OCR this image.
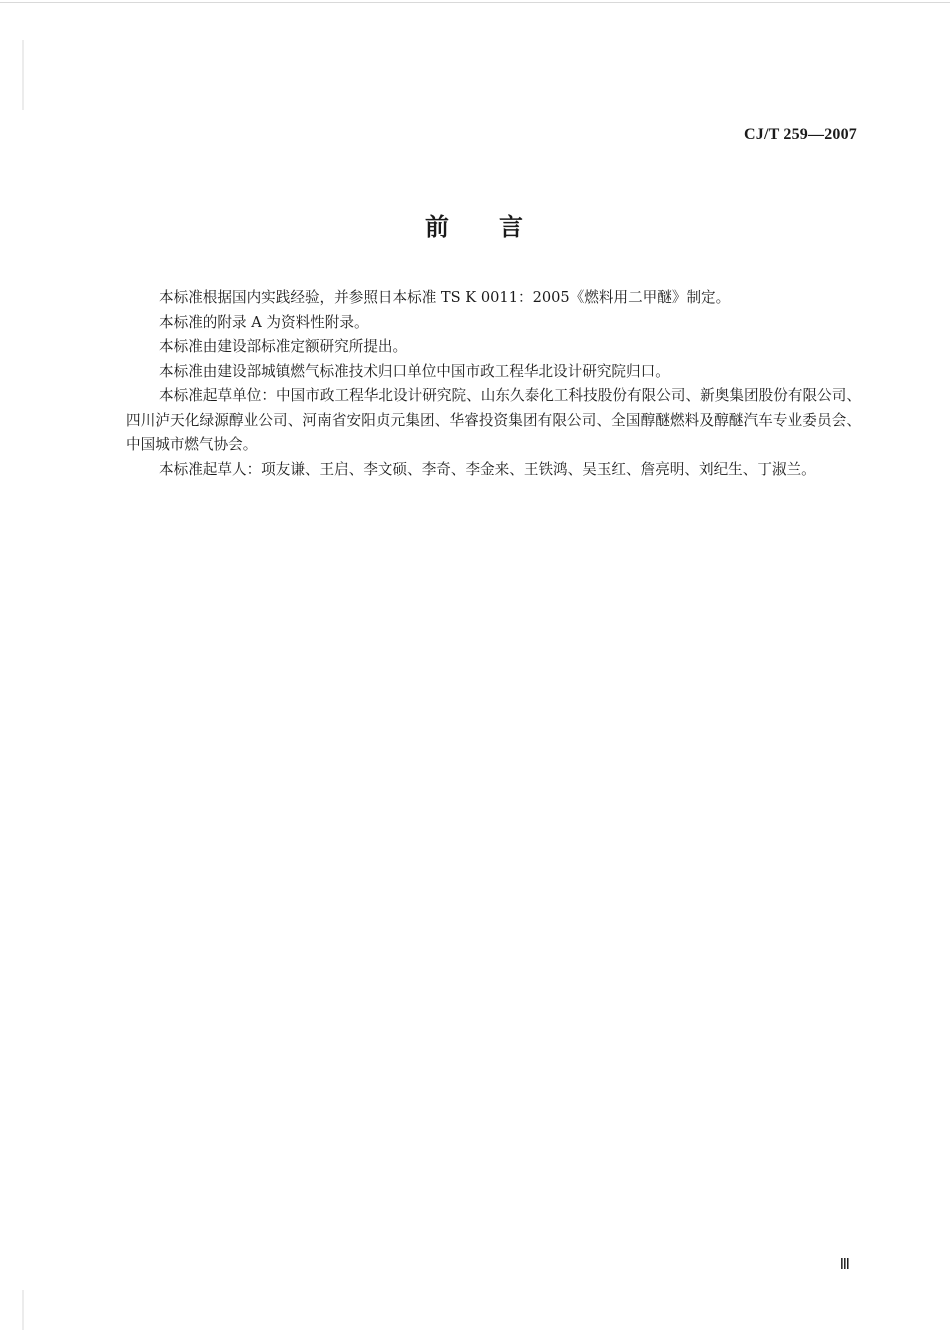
CJ/T 259—2007
前 言

本标准根据国内实践经验，并参照日本标准 TS K 0011：2005《燃料用二甲醚》制定。

本标准的附录 A 为资料性附录。

本标准由建设部标准定额研究所提出。

本标准由建设部城镇燃气标准技术归口单位中国市政工程华北设计研究院归口。

本标准起草单位：中国市政工程华北设计研究院、山东久泰化工科技股份有限公司、新奥集团股份有限公司、四川泸天化绿源醇业公司、河南省安阳贞元集团、华睿投资集团有限公司、全国醇醚燃料及醇醚汽车专业委员会、中国城市燃气协会。

本标准起草人：项友谦、王启、李文硕、李奇、李金来、王铁鸿、吴玉红、詹亮明、刘纪生、丁淑兰。

Ⅲ
